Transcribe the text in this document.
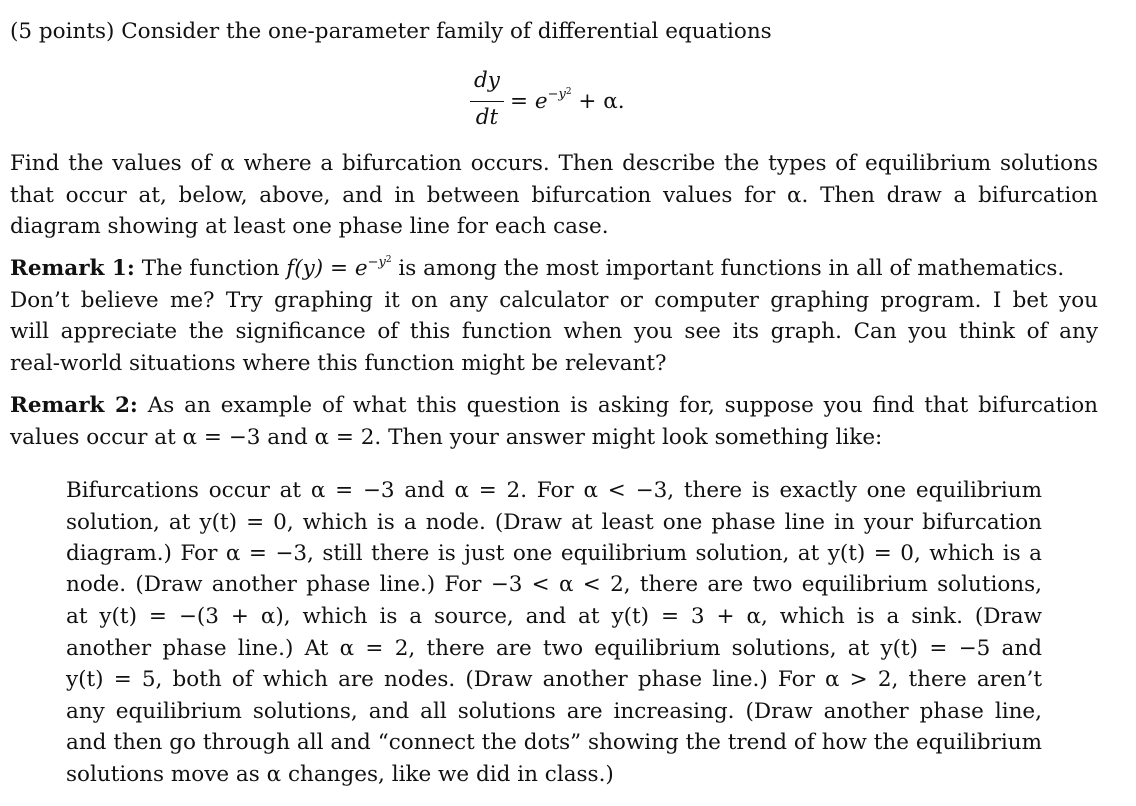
(5 points) Consider the one-parameter family of differential equations
dy
dt
= $e^{-y^2} + \alpha$.
Find the values of α where a bifurcation occurs. Then describe the types of equilibrium solutions
that occur at, below, above, and in between bifurcation values for α. Then draw a bifurcation
diagram showing at least one phase line for each case.
Remark 1: The function $f(y) = e^{-y^2}$ is among the most important functions in all of mathematics.
Don’t believe me? Try graphing it on any calculator or computer graphing program. I bet you
will appreciate the significance of this function when you see its graph. Can you think of any
real-world situations where this function might be relevant?
Remark 2: As an example of what this question is asking for, suppose you find that bifurcation
values occur at α = −3 and α = 2. Then your answer might look something like:
Bifurcations occur at α = −3 and α = 2. For α < −3, there is exactly one equilibrium
solution, at y(t) = 0, which is a node. (Draw at least one phase line in your bifurcation
diagram.) For α = −3, still there is just one equilibrium solution, at y(t) = 0, which is a
node. (Draw another phase line.) For −3 < α < 2, there are two equilibrium solutions,
at y(t) = −(3 + α), which is a source, and at y(t) = 3 + α, which is a sink. (Draw
another phase line.) At α = 2, there are two equilibrium solutions, at y(t) = −5 and
y(t) = 5, both of which are nodes. (Draw another phase line.) For α > 2, there aren’t
any equilibrium solutions, and all solutions are increasing. (Draw another phase line,
and then go through all and “connect the dots” showing the trend of how the equilibrium
solutions move as α changes, like we did in class.)
